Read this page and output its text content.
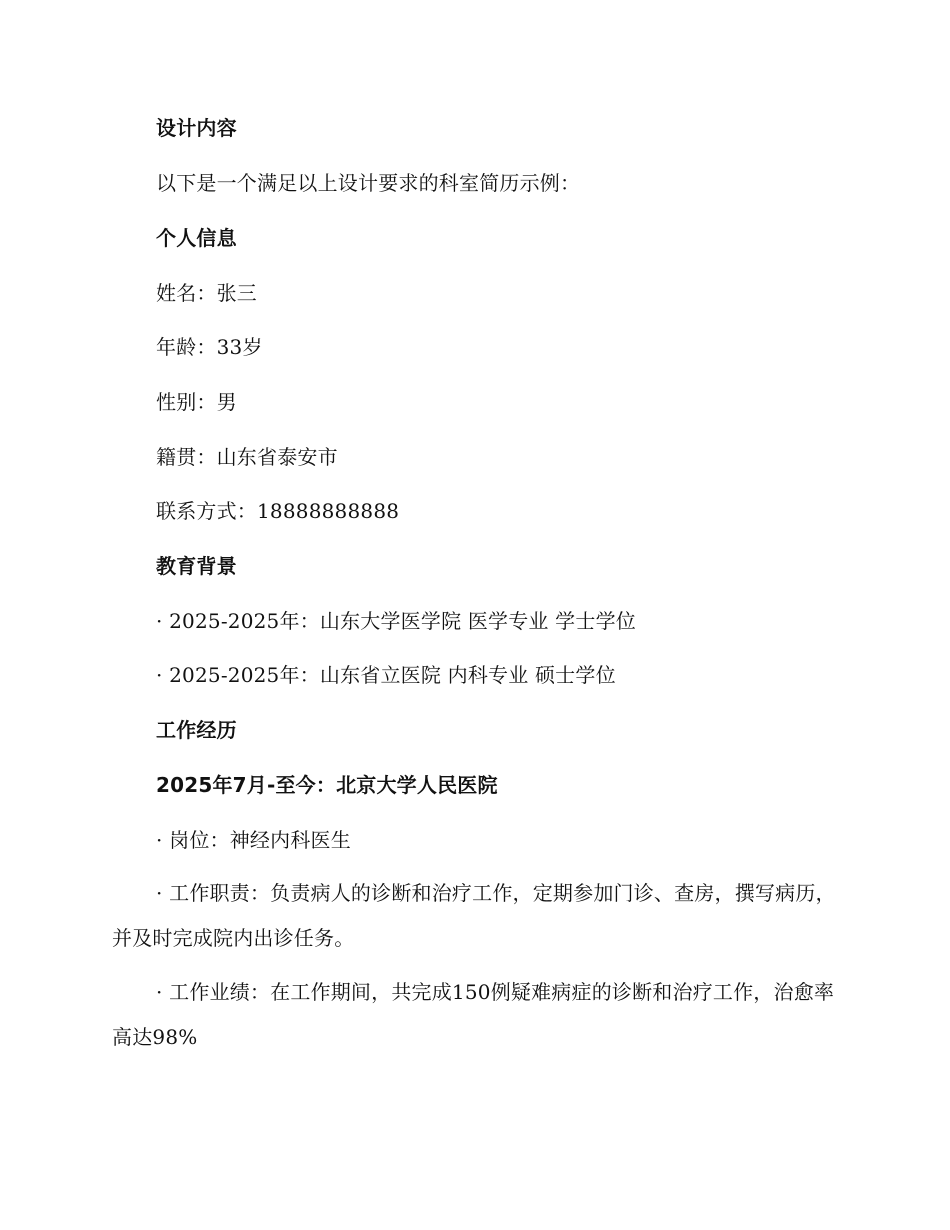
设计内容
以下是一个满足以上设计要求的科室简历示例：
个人信息
姓名：张三
年龄：33岁
性别：男
籍贯：山东省泰安市
联系方式：18888888888
教育背景
· 2025-2025年：山东大学医学院 医学专业 学士学位
· 2025-2025年：山东省立医院 内科专业 硕士学位
工作经历
2025年7月-至今：北京大学人民医院
· 岗位：神经内科医生
· 工作职责：负责病人的诊断和治疗工作，定期参加门诊、查房，撰写病历，并及时完成院内出诊任务。
· 工作业绩：在工作期间，共完成150例疑难病症的诊断和治疗工作，治愈率高达98%
